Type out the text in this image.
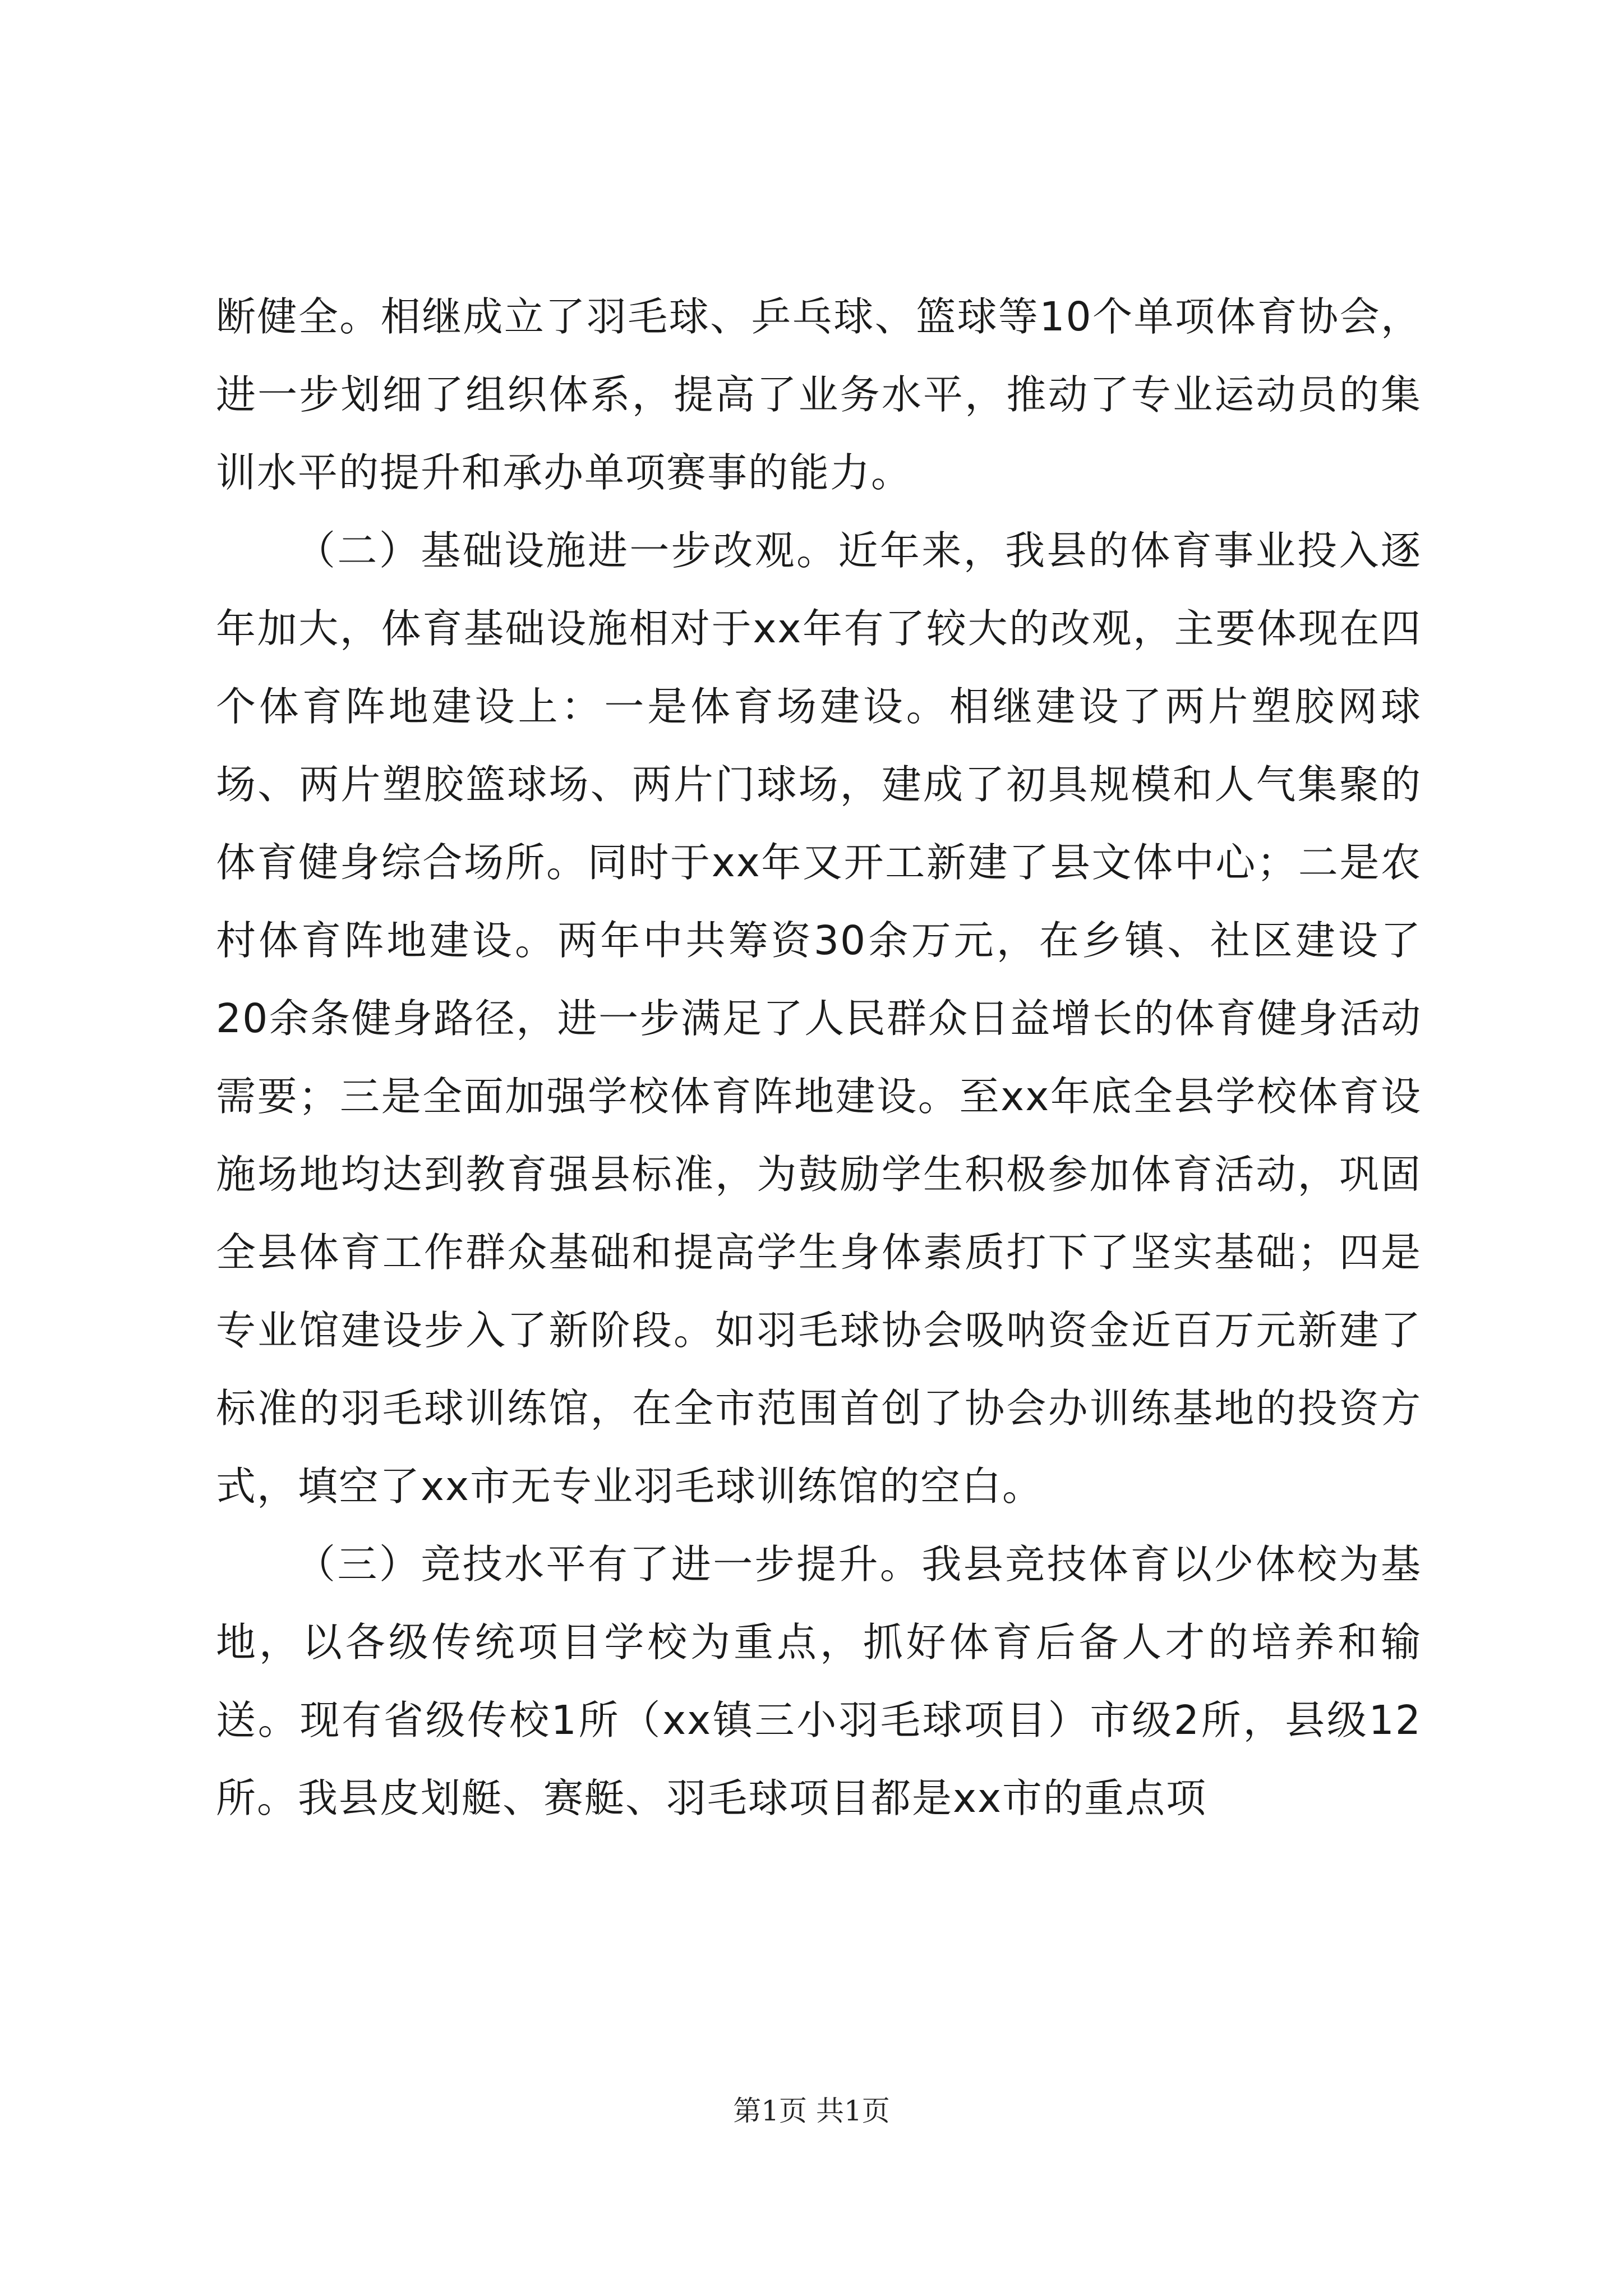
断健全。相继成立了羽毛球、乒乓球、篮球等10个单项体育协会，进一步划细了组织体系，提高了业务水平，推动了专业运动员的集训水平的提升和承办单项赛事的能力。

（二）基础设施进一步改观。近年来，我县的体育事业投入逐年加大，体育基础设施相对于xx年有了较大的改观，主要体现在四个体育阵地建设上：一是体育场建设。相继建设了两片塑胶网球场、两片塑胶篮球场、两片门球场，建成了初具规模和人气集聚的体育健身综合场所。同时于xx年又开工新建了县文体中心；二是农村体育阵地建设。两年中共筹资30余万元，在乡镇、社区建设了20余条健身路径，进一步满足了人民群众日益增长的体育健身活动需要；三是全面加强学校体育阵地建设。至xx年底全县学校体育设施场地均达到教育强县标准，为鼓励学生积极参加体育活动，巩固全县体育工作群众基础和提高学生身体素质打下了坚实基础；四是专业馆建设步入了新阶段。如羽毛球协会吸呐资金近百万元新建了标准的羽毛球训练馆，在全市范围首创了协会办训练基地的投资方式，填空了xx市无专业羽毛球训练馆的空白。

（三）竞技水平有了进一步提升。我县竞技体育以少体校为基地，以各级传统项目学校为重点，抓好体育后备人才的培养和输送。现有省级传校1所（xx镇三小羽毛球项目）市级2所，县级12所。我县皮划艇、赛艇、羽毛球项目都是xx市的重点项

第1页 共1页
